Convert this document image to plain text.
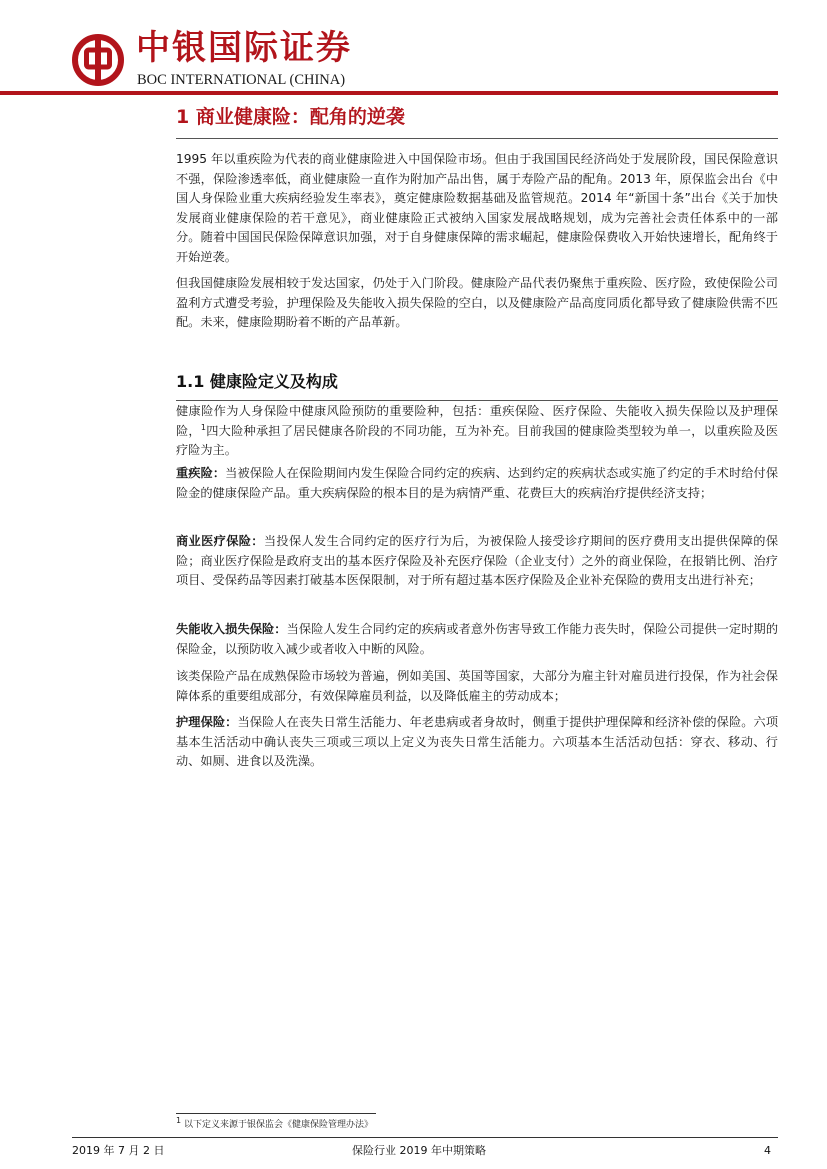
中银国际证券
BOC INTERNATIONAL (CHINA)
1 商业健康险：配角的逆袭

1995 年以重疾险为代表的商业健康险进入中国保险市场。但由于我国国民经济尚处于发展阶段，国民保险意识不强，保险渗透率低，商业健康险一直作为附加产品出售，属于寿险产品的配角。2013 年，原保监会出台《中国人身保险业重大疾病经验发生率表》，奠定健康险数据基础及监管规范。2014 年“新国十条”出台《关于加快发展商业健康保险的若干意见》，商业健康险正式被纳入国家发展战略规划，成为完善社会责任体系中的一部分。随着中国国民保险保障意识加强，对于自身健康保障的需求崛起，健康险保费收入开始快速增长，配角终于开始逆袭。

但我国健康险发展相较于发达国家，仍处于入门阶段。健康险产品代表仍聚焦于重疾险、医疗险，致使保险公司盈利方式遭受考验，护理保险及失能收入损失保险的空白，以及健康险产品高度同质化都导致了健康险供需不匹配。未来，健康险期盼着不断的产品革新。

1.1 健康险定义及构成

健康险作为人身保险中健康风险预防的重要险种，包括：重疾保险、医疗保险、失能收入损失保险以及护理保险，$^1$四大险种承担了居民健康各阶段的不同功能，互为补充。目前我国的健康险类型较为单一，以重疾险及医疗险为主。

重疾险：当被保险人在保险期间内发生保险合同约定的疾病、达到约定的疾病状态或实施了约定的手术时给付保险金的健康保险产品。重大疾病保险的根本目的是为病情严重、花费巨大的疾病治疗提供经济支持；

商业医疗保险：当投保人发生合同约定的医疗行为后，为被保险人接受诊疗期间的医疗费用支出提供保障的保险；商业医疗保险是政府支出的基本医疗保险及补充医疗保险（企业支付）之外的商业保险，在报销比例、治疗项目、受保药品等因素打破基本医保限制，对于所有超过基本医疗保险及企业补充保险的费用支出进行补充；

失能收入损失保险：当保险人发生合同约定的疾病或者意外伤害导致工作能力丧失时，保险公司提供一定时期的保险金，以预防收入减少或者收入中断的风险。

该类保险产品在成熟保险市场较为普遍，例如美国、英国等国家，大部分为雇主针对雇员进行投保，作为社会保障体系的重要组成部分，有效保障雇员利益，以及降低雇主的劳动成本；

护理保险：当保险人在丧失日常生活能力、年老患病或者身故时，侧重于提供护理保障和经济补偿的保险。六项基本生活活动中确认丧失三项或三项以上定义为丧失日常生活能力。六项基本生活活动包括：穿衣、移动、行动、如厕、进食以及洗澡。

$^1$ 以下定义来源于银保监会《健康保险管理办法》
2019 年 7 月 2 日	保险行业 2019 年中期策略	4
